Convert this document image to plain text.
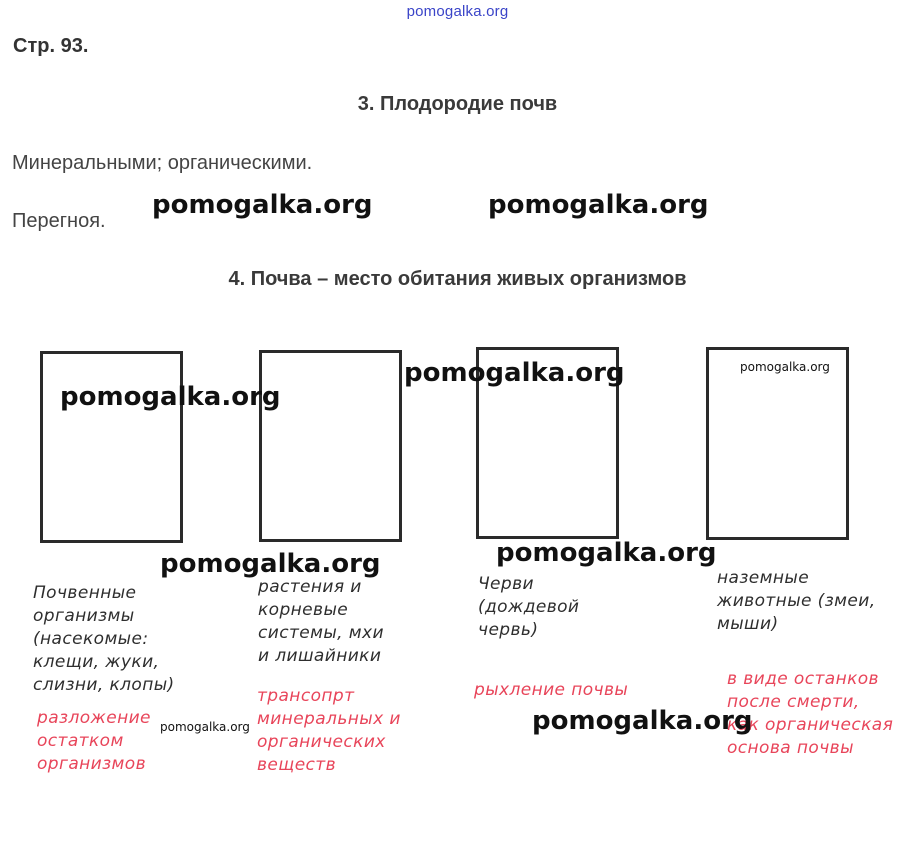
pomogalka.org
Стр. 93.
3. Плодородие почв
Минеральными; органическими.
Перегноя.
4. Почва – место обитания живых организмов
Почвенные
организмы
(насекомые:
клещи, жуки,
слизни, клопы)
растения и
корневые
системы, мхи
и лишайники
Черви
(дождевой
червь)
наземные
животные (змеи,
мыши)
разложение
остатком
организмов
трансопрт
минеральных и
органических
веществ
рыхление почвы
в виде останков
после смерти,
как органическая
основа почвы
pomogalka.org	pomogalka.org
pomogalka.org
pomogalka.org
pomogalka.org
pomogalka.org	pomogalka.org
pomogalka.org	pomogalka.org
